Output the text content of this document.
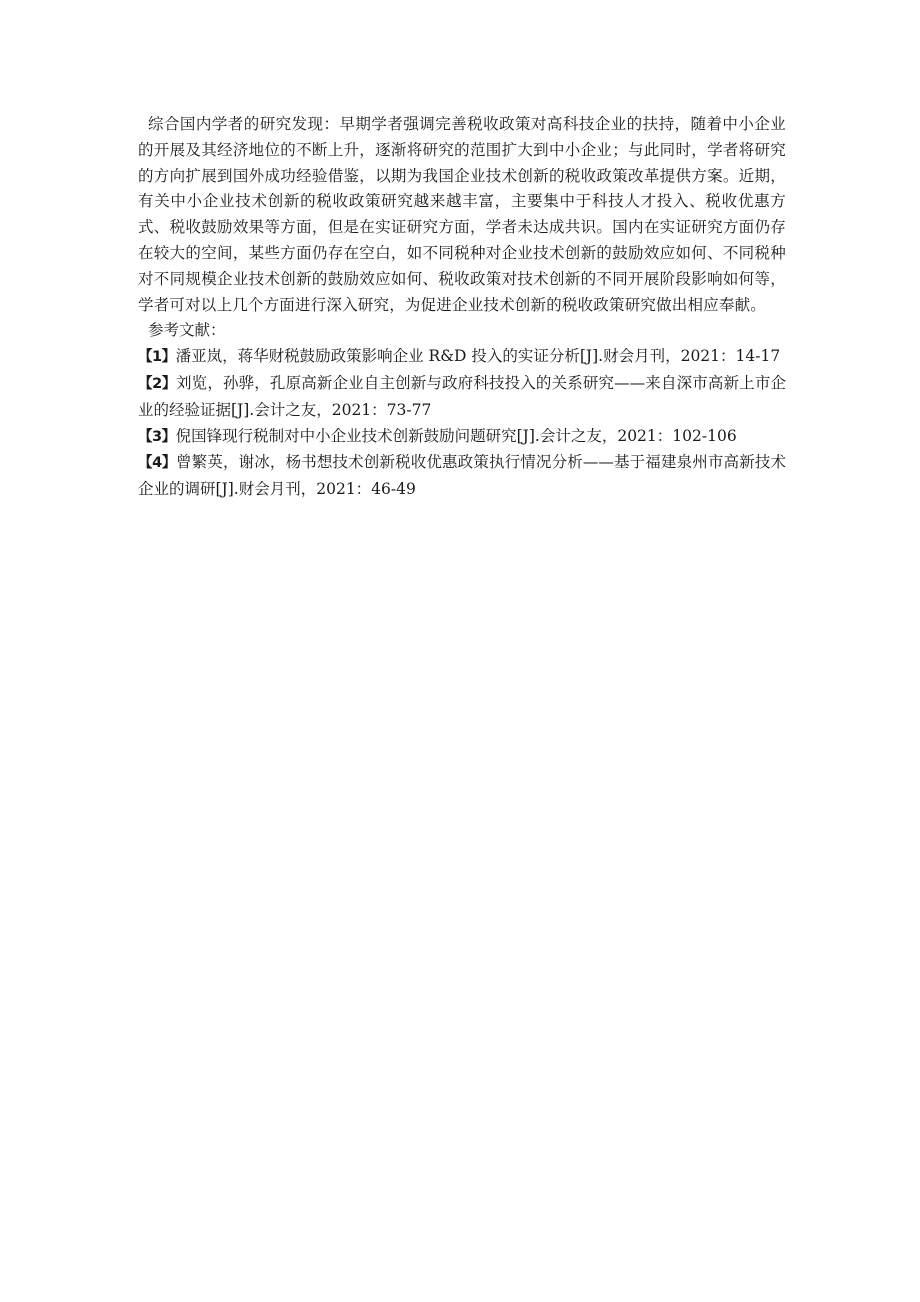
综合国内学者的研究发现：早期学者强调完善税收政策对高科技企业的扶持，随着中小企业的开展及其经济地位的不断上升，逐渐将研究的范围扩大到中小企业；与此同时，学者将研究的方向扩展到国外成功经验借鉴，以期为我国企业技术创新的税收政策改革提供方案。近期，有关中小企业技术创新的税收政策研究越来越丰富，主要集中于科技人才投入、税收优惠方式、税收鼓励效果等方面，但是在实证研究方面，学者未达成共识。国内在实证研究方面仍存在较大的空间，某些方面仍存在空白，如不同税种对企业技术创新的鼓励效应如何、不同税种对不同规模企业技术创新的鼓励效应如何、税收政策对技术创新的不同开展阶段影响如何等，学者可对以上几个方面进行深入研究，为促进企业技术创新的税收政策研究做出相应奉献。

参考文献：

【1】潘亚岚，蒋华财税鼓励政策影响企业 R&D 投入的实证分析[J].财会月刊，2021：14-17
【2】刘览，孙骅，孔原高新企业自主创新与政府科技投入的关系研究——来自深市高新上市企业的经验证据[J].会计之友，2021：73-77
【3】倪国锋现行税制对中小企业技术创新鼓励问题研究[J].会计之友，2021：102-106
【4】曾繁英，谢冰，杨书想技术创新税收优惠政策执行情况分析——基于福建泉州市高新技术企业的调研[J].财会月刊，2021：46-49
